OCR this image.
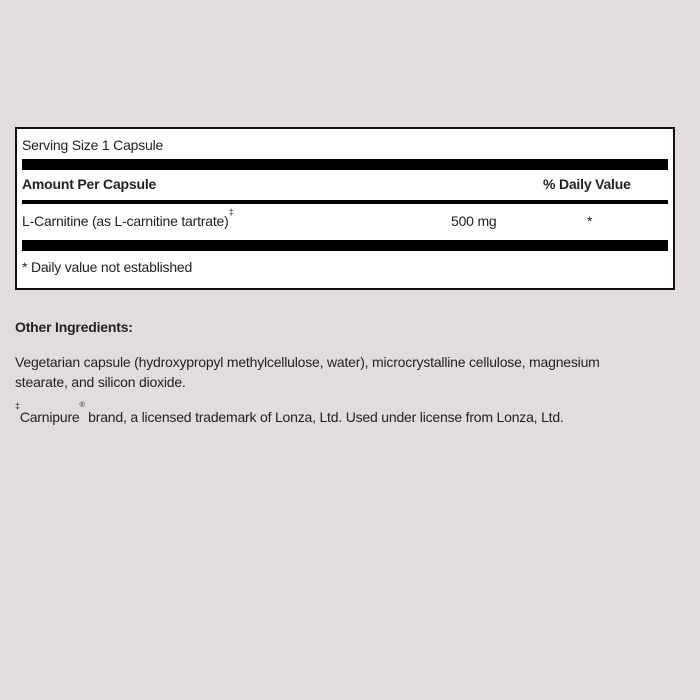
Serving Size 1 Capsule
Amount Per Capsule	% Daily Value
L-Carnitine (as L-carnitine tartrate)‡
500 mg	*
* Daily value not established
Other Ingredients:
Vegetarian capsule (hydroxypropyl methylcellulose, water), microcrystalline cellulose, magnesium stearate, and silicon dioxide.
‡Carnipure® brand, a licensed trademark of Lonza, Ltd. Used under license from Lonza, Ltd.
